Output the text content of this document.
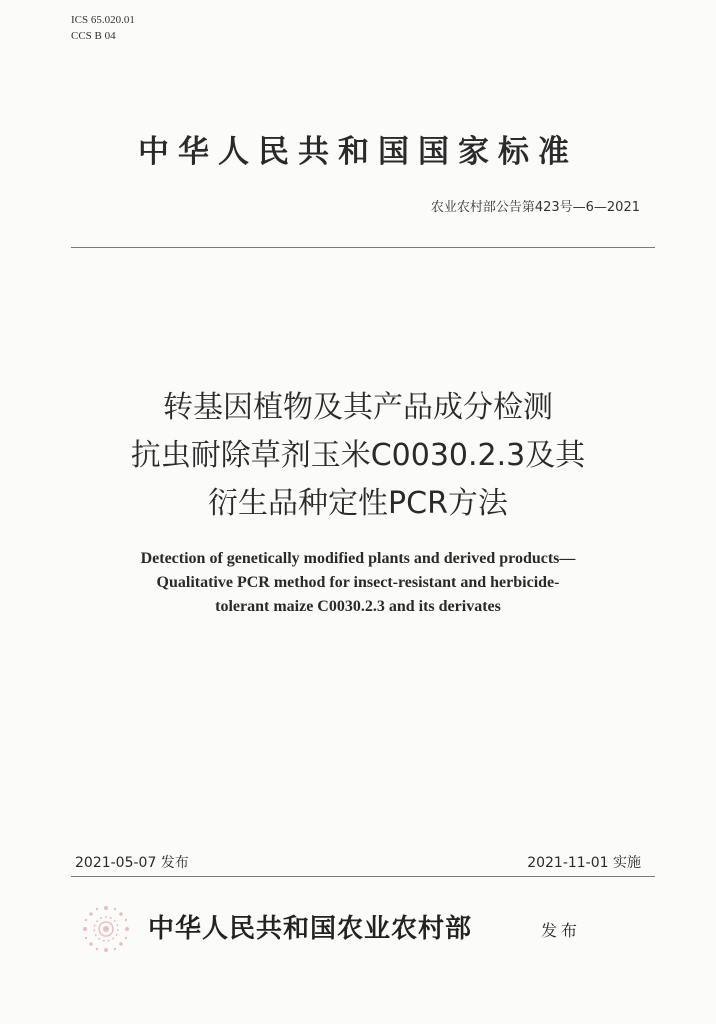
ICS 65.020.01
CCS B 04
中华人民共和国国家标准
农业农村部公告第423号—6—2021
转基因植物及其产品成分检测
抗虫耐除草剂玉米C0030.2.3及其
衍生品种定性PCR方法
Detection of genetically modified plants and derived products—
Qualitative PCR method for insect-resistant and herbicide-
tolerant maize C0030.2.3 and its derivates
2021-05-07 发布	2021-11-01 实施
中华人民共和国农业农村部	发布
